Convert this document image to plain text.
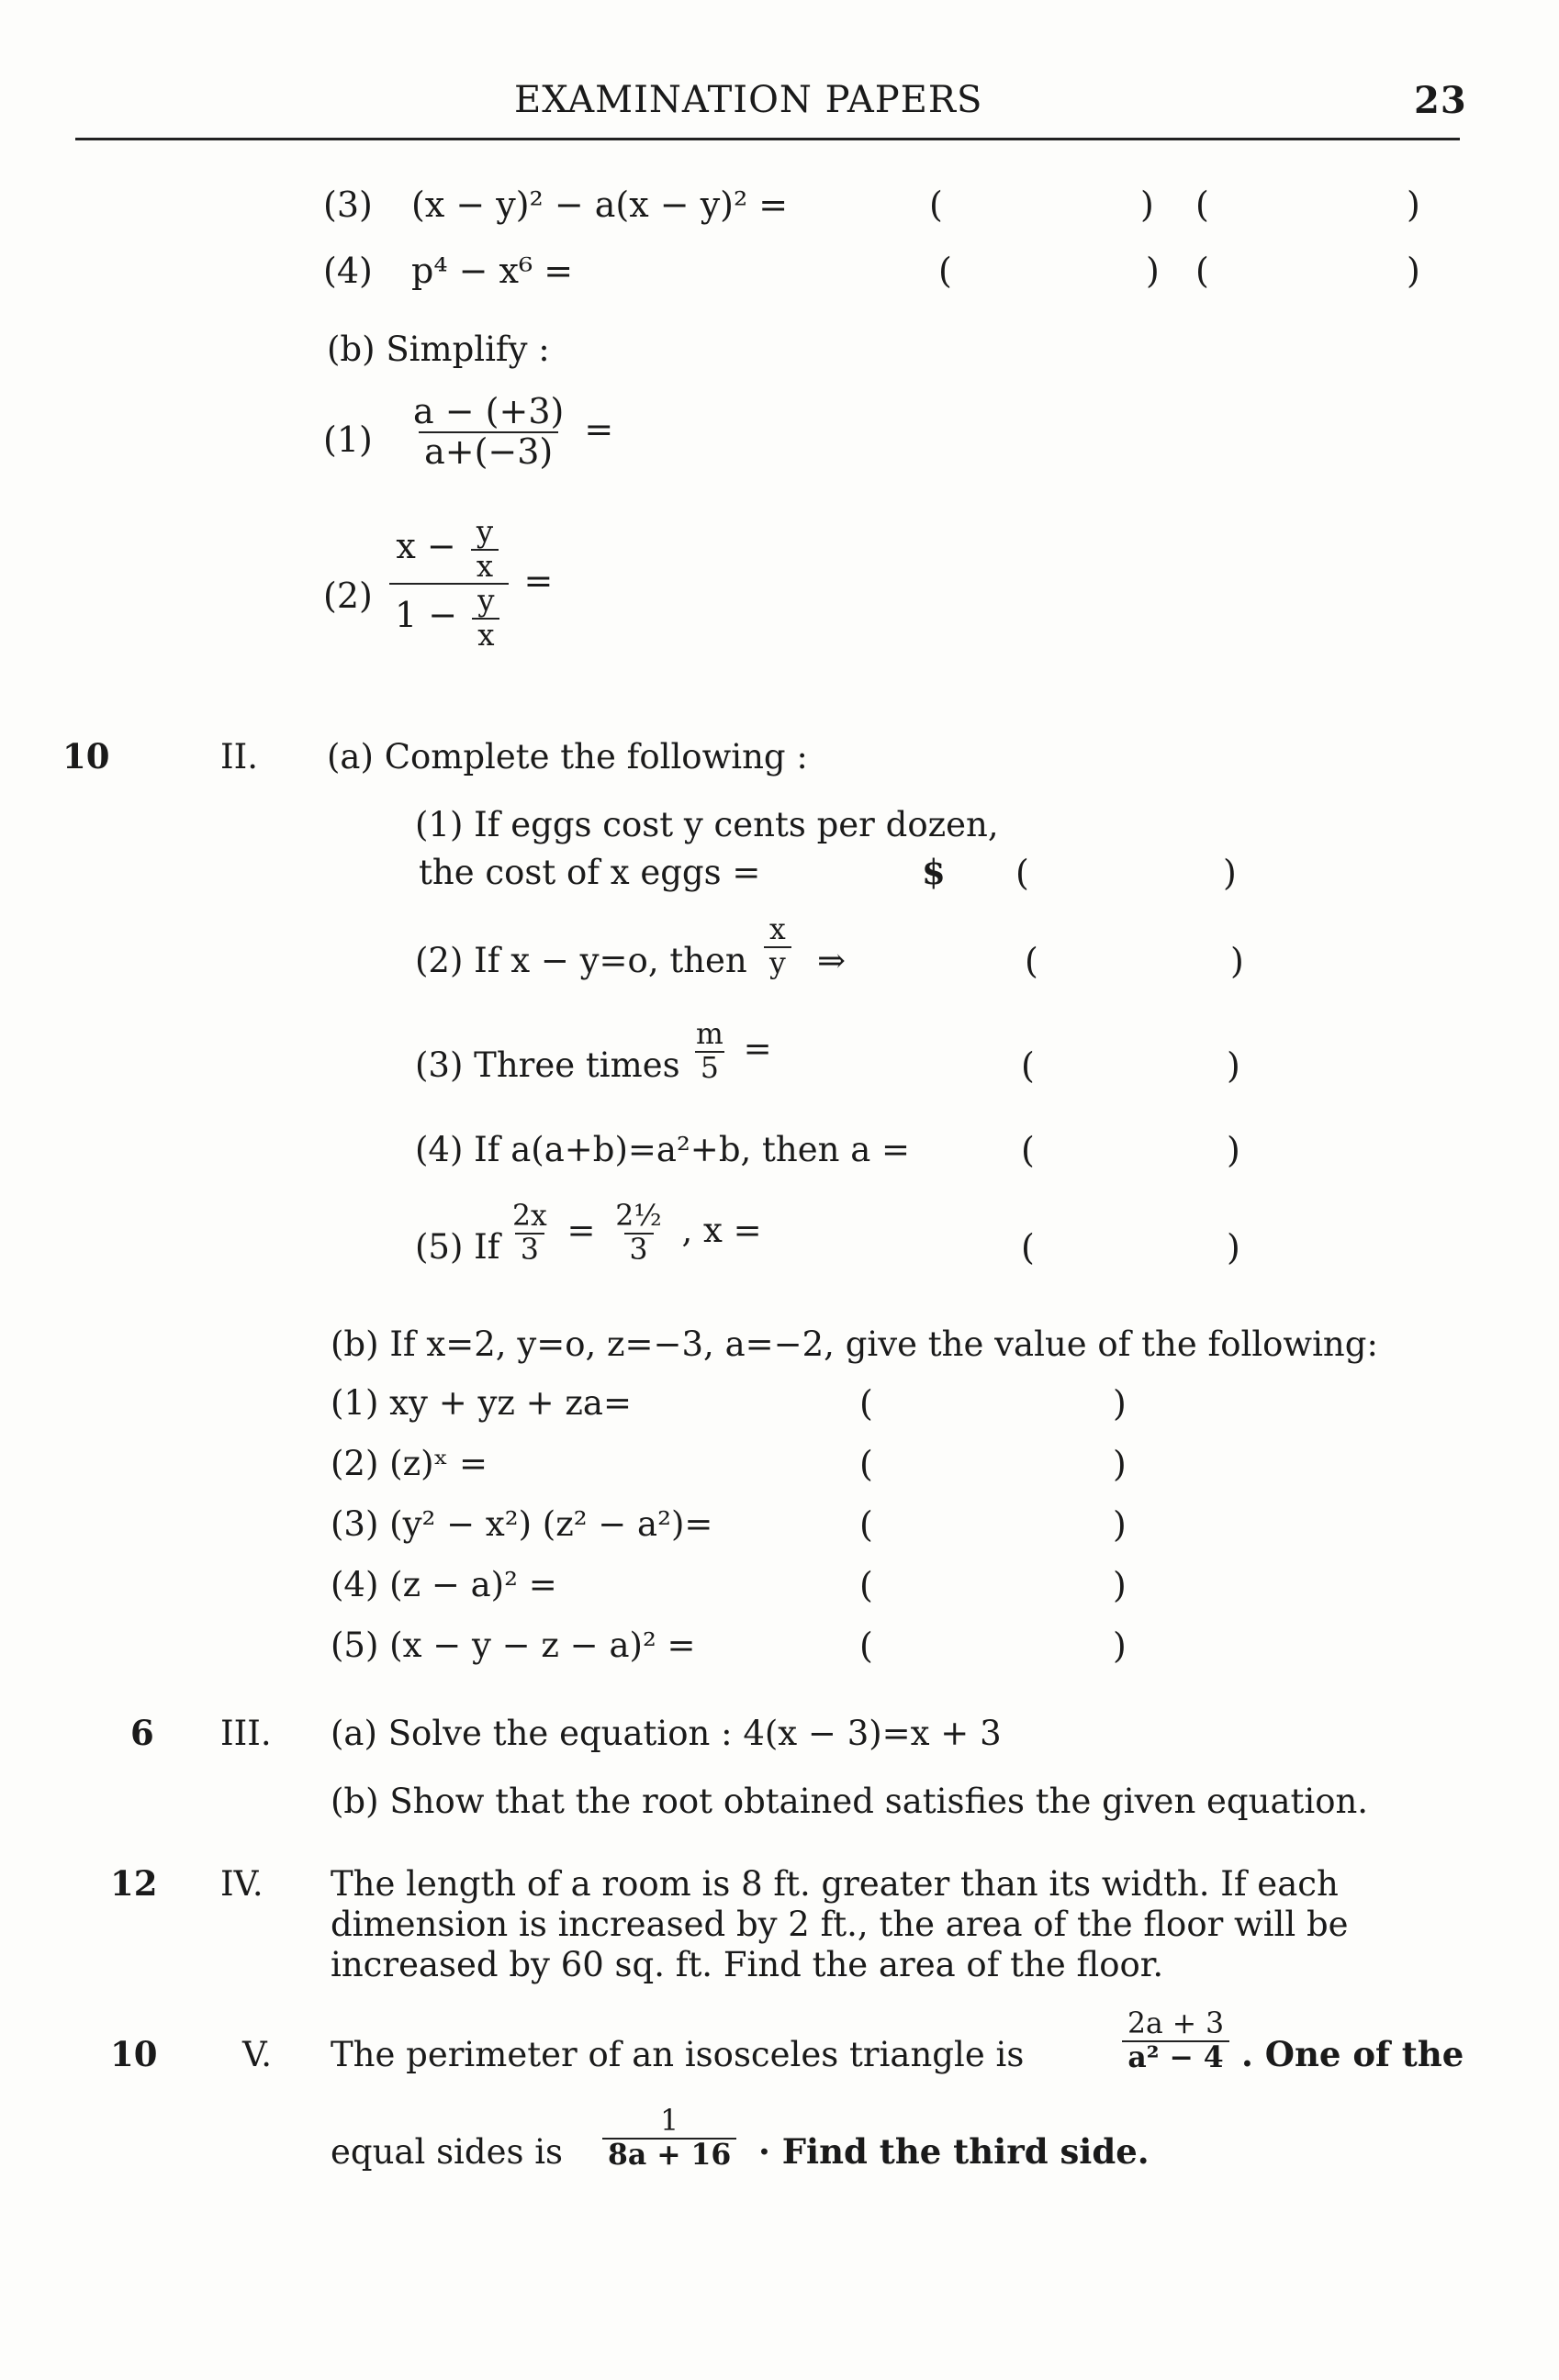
EXAMINATION PAPERS	23
(3) (x − y)² − a(x − y)² =	(	) (	)
(4) p⁴ − x⁶ =	(	) (	)
(b) Simplify :
$(1) \frac{a - (+3)}{a+(-3)}$ =
$(2) \frac{x - \frac{y}{x}}{1 - \frac{y}{x}}$ =
10	II. (a) Complete the following :
(1) If eggs cost y cents per dozen,
the cost of x eggs =	$ (	)
(2) If x − y=o, then $\frac{x}{y}$ ⇒	(	)
(3) Three times $\frac{m}{5}$ =	(	)
(4) If a(a+b)=a²+b, then a =	(	)
(5) If $\frac{2x}{3} = \frac{\text{2½}}{3}$ , x =	(	)
(b) If x=2, y=o, z=−3, a=−2, give the value of the following:
(1) xy + yz + za=	(	)
(2) (z)ˣ =	(	)
(3) (y² − x²) (z² − a²)=	(	)
(4) (z − a)² =	(	)
(5) (x − y − z − a)² =	(	)
6 III. (a) Solve the equation : 4(x − 3)=x + 3
(b) Show that the root obtained satisfies the given equation.
12 IV. The length of a room is 8 ft. greater than its width. If each
dimension is increased by 2 ft., the area of the floor will be
increased by 60 sq. ft. Find the area of the floor.
10	V. The perimeter of an isosceles triangle is	$\frac{2a + 3}{\text{a² − 4}}$ . One of the
equal sides is $\frac{1}{8a + 16}$ · Find the third side.
